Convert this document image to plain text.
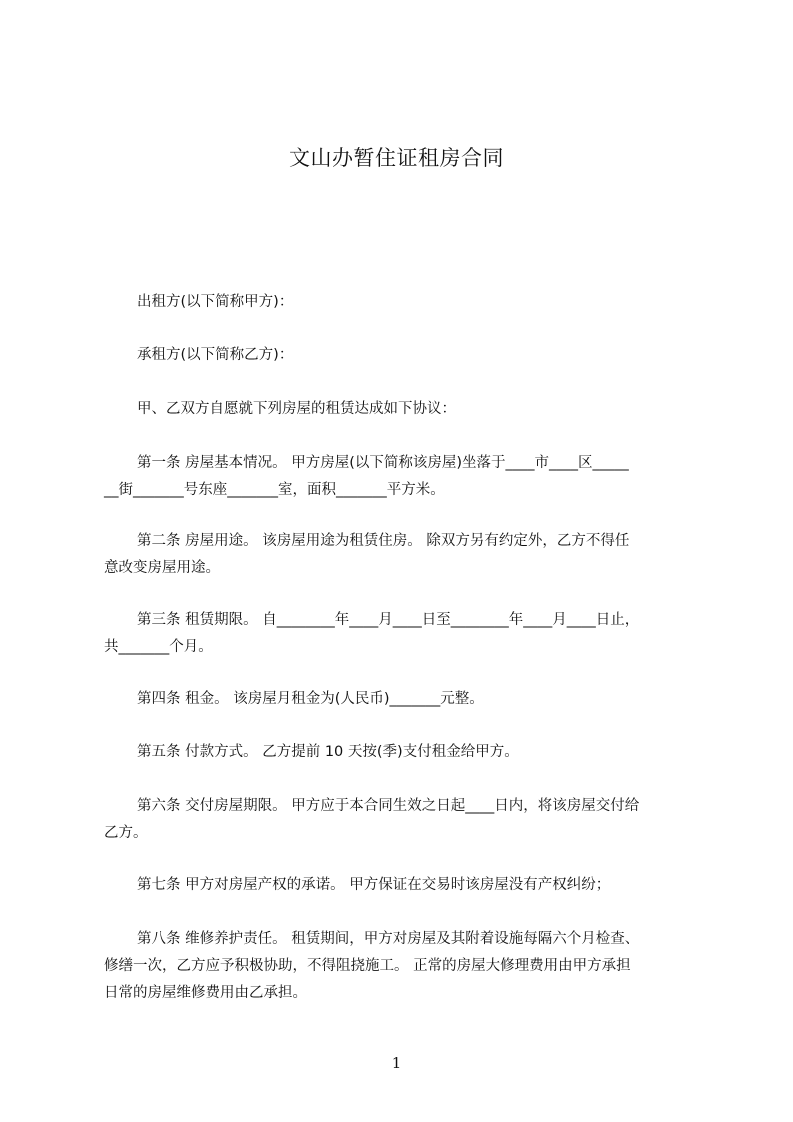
文山办暂住证租房合同
出租方(以下简称甲方)：
承租方(以下简称乙方)：
甲、乙双方自愿就下列房屋的租赁达成如下协议：
第一条 房屋基本情况。 甲方房屋(以下简称该房屋)坐落于____市____区_____
__街_______号东座_______室，面积_______平方米。
第二条 房屋用途。 该房屋用途为租赁住房。 除双方另有约定外，乙方不得任
意改变房屋用途。
第三条 租赁期限。 自________年____月____日至________年____月____日止，
共_______个月。
第四条 租金。 该房屋月租金为(人民币)_______元整。
第五条 付款方式。 乙方提前 10 天按(季)支付租金给甲方。
第六条 交付房屋期限。 甲方应于本合同生效之日起____日内，将该房屋交付给
乙方。
第七条 甲方对房屋产权的承诺。 甲方保证在交易时该房屋没有产权纠纷；
第八条 维修养护责任。 租赁期间，甲方对房屋及其附着设施每隔六个月检查、
修缮一次，乙方应予积极协助，不得阻挠施工。 正常的房屋大修理费用由甲方承担
日常的房屋维修费用由乙承担。
1
